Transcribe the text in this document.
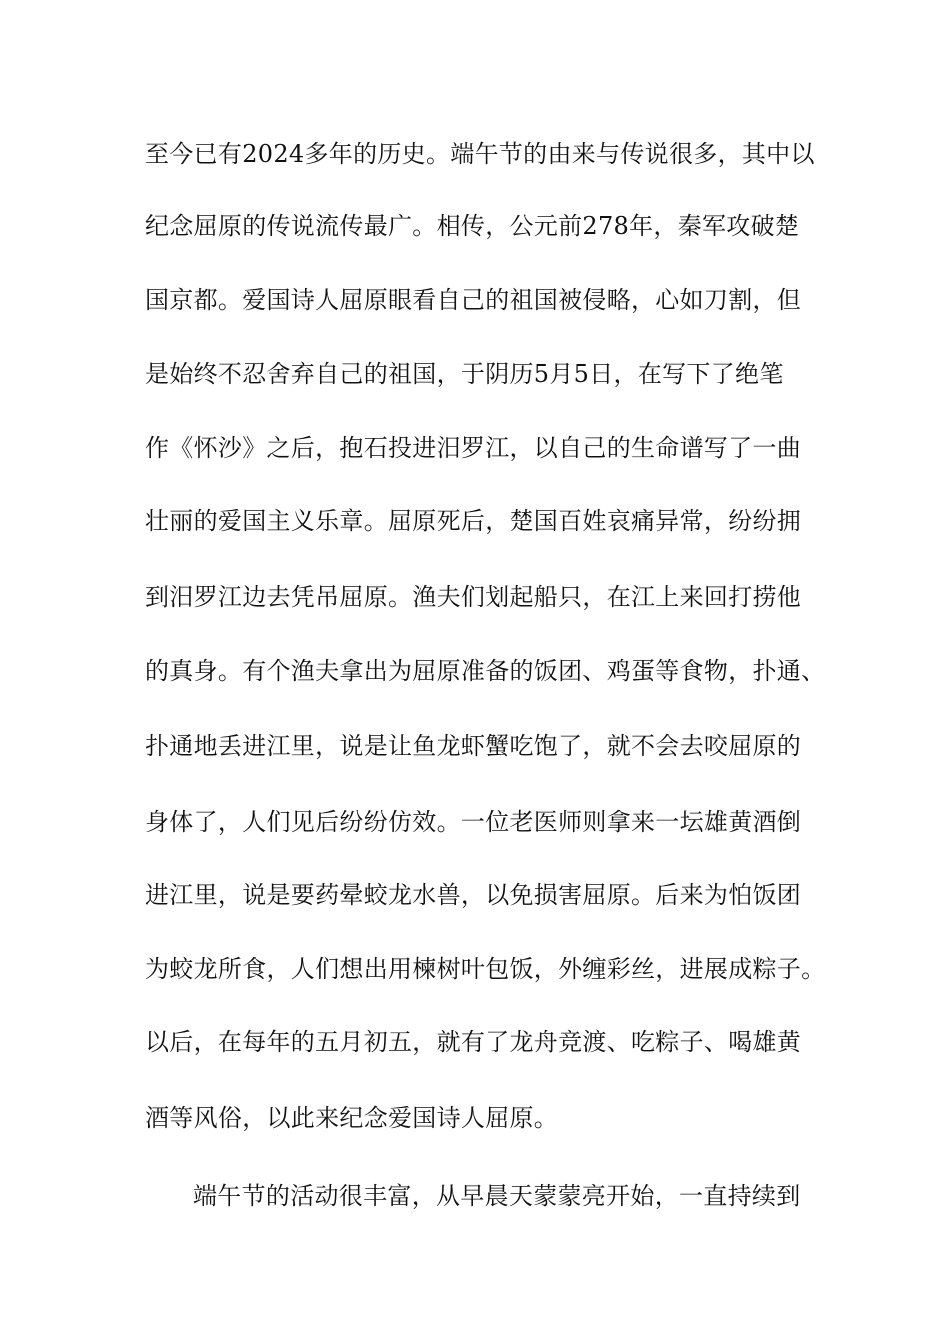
至今已有2024多年的历史。端午节的由来与传说很多，其中以
纪念屈原的传说流传最广。相传，公元前278年，秦军攻破楚
国京都。爱国诗人屈原眼看自己的祖国被侵略，心如刀割，但
是始终不忍舍弃自己的祖国，于阴历5月5日，在写下了绝笔
作《怀沙》之后，抱石投进汨罗江，以自己的生命谱写了一曲
壮丽的爱国主义乐章。屈原死后，楚国百姓哀痛异常，纷纷拥
到汨罗江边去凭吊屈原。渔夫们划起船只，在江上来回打捞他
的真身。有个渔夫拿出为屈原准备的饭团、鸡蛋等食物，扑通、
扑通地丢进江里，说是让鱼龙虾蟹吃饱了，就不会去咬屈原的
身体了，人们见后纷纷仿效。一位老医师则拿来一坛雄黄酒倒
进江里，说是要药晕蛟龙水兽，以免损害屈原。后来为怕饭团
为蛟龙所食，人们想出用楝树叶包饭，外缠彩丝，进展成粽子。
以后，在每年的五月初五，就有了龙舟竞渡、吃粽子、喝雄黄
酒等风俗，以此来纪念爱国诗人屈原。
端午节的活动很丰富，从早晨天蒙蒙亮开始，一直持续到
